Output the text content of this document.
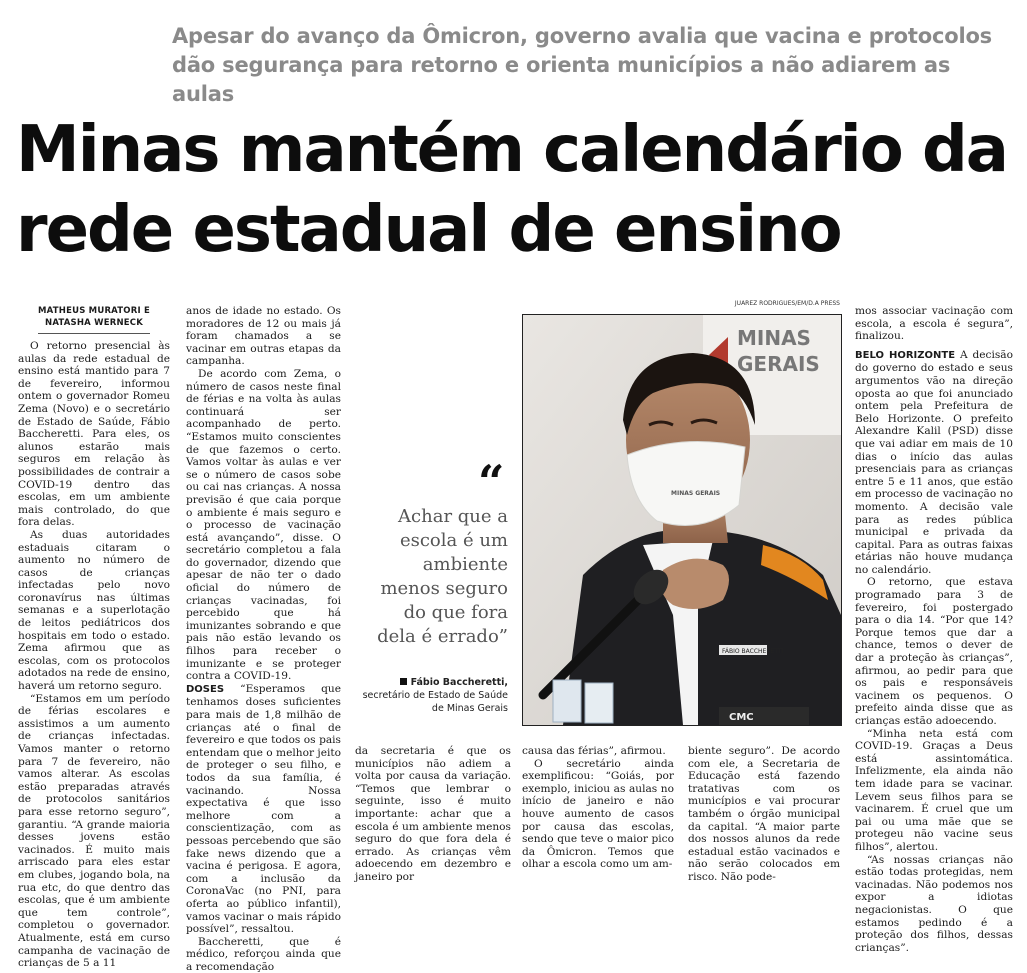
Apesar do avanço da Ômicron, governo avalia que vacina e protocolos dão segurança para retorno e orienta municípios a não adiarem as aulas
Minas mantém calendário da rede estadual de ensino
MATHEUS MURATORI E
NATASHA WERNECK

O retorno presencial às aulas da rede estadual de ensino está mantido para 7 de fevereiro, informou ontem o governador Romeu Zema (Novo) e o secretário de Estado de Saúde, Fábio Baccheretti. Para eles, os alunos estarão mais seguros em relação às possibilidades de contrair a COVID-19 dentro das escolas, em um ambiente mais controlado, do que fora delas.

As duas autoridades estaduais citaram o aumento no número de casos de crianças infectadas pelo novo coronavírus nas últimas semanas e a superlotação de leitos pediátricos dos hospitais em todo o estado. Zema afirmou que as escolas, com os protocolos adotados na rede de ensino, haverá um retorno seguro.

“Estamos em um período de férias escolares e assistimos a um aumento de crianças infectadas. Vamos manter o retorno para 7 de fevereiro, não vamos alterar. As escolas estão preparadas através de protocolos sanitários para esse retorno seguro”, garantiu. “A grande maioria desses jovens estão vacinados. É muito mais arriscado para eles estar em clubes, jogando bola, na rua etc, do que dentro das escolas, que é um ambiente que tem controle”, completou o governador. Atualmente, está em curso campanha de vacinação de crianças de 5 a 11

anos de idade no estado. Os moradores de 12 ou mais já foram chamados a se vacinar em outras etapas da campanha.

De acordo com Zema, o número de casos neste final de férias e na volta às aulas continuará ser acompanhado de perto. “Estamos muito conscientes de que fazemos o certo. Vamos voltar às aulas e ver se o número de casos sobe ou cai nas crianças. A nossa previsão é que caia porque o ambiente é mais seguro e o processo de vacinação está avançando”, disse. O secretário completou a fala do governador, dizendo que apesar de não ter o dado oficial do número de crianças vacinadas, foi percebido que há imunizantes sobrando e que pais não estão levando os filhos para receber o imunizante e se proteger contra a COVID-19.

DOSES “Esperamos que tenhamos doses suficientes para mais de 1,8 milhão de crianças até o final de fevereiro e que todos os pais entendam que o melhor jeito de proteger o seu filho, e todos da sua família, é vacinando. Nossa expectativa é que isso melhore com a conscientização, com as pessoas percebendo que são fake news dizendo que a vacina é perigosa. E agora, com a inclusão da CoronaVac (no PNI, para oferta ao público infantil), vamos vacinar o mais rápido possível”, ressaltou.

Baccheretti, que é médico, reforçou ainda que a recomendação

“
Achar que a escola é um ambiente menos seguro do que fora dela é errado”
Fábio Baccheretti,
secretário de Estado de Saúde de Minas Gerais
JUAREZ RODRIGUES/EM/D.A PRESS
MINAS
GERAIS
FÁBIO BACCHERETTI
MINAS GERAIS
CMC

da secretaria é que os municípios não adiem a volta por causa da variação. “Temos que lembrar o seguinte, isso é muito importante: achar que a escola é um ambiente menos seguro do que fora dela é errado. As crianças vêm adoecendo em dezembro e janeiro por

causa das férias”, afirmou.

O secretário ainda exemplificou: “Goiás, por exemplo, iniciou as aulas no início de janeiro e não houve aumento de casos por causa das escolas, sendo que teve o maior pico da Ômicron. Temos que olhar a escola como um am-

biente seguro”. De acordo com ele, a Secretaria de Educação está fazendo tratativas com os municípios e vai procurar também o órgão municipal da capital. “A maior parte dos nossos alunos da rede estadual estão vacinados e não serão colocados em risco. Não pode-

mos associar vacinação com escola, a escola é segura”, finalizou.

BELO HORIZONTE A decisão do governo do estado e seus argumentos vão na direção oposta ao que foi anunciado ontem pela Prefeitura de Belo Horizonte. O prefeito Alexandre Kalil (PSD) disse que vai adiar em mais de 10 dias o início das aulas presenciais para as crianças entre 5 e 11 anos, que estão em processo de vacinação no momento. A decisão vale para as redes pública municipal e privada da capital. Para as outras faixas etárias não houve mudança no calendário.

O retorno, que estava programado para 3 de fevereiro, foi postergado para o dia 14. “Por que 14? Porque temos que dar a chance, temos o dever de dar a proteção às crianças”, afirmou, ao pedir para que os pais e responsáveis vacinem os pequenos. O prefeito ainda disse que as crianças estão adoecendo.

“Minha neta está com COVID-19. Graças a Deus está assintomática. Infelizmente, ela ainda não tem idade para se vacinar. Levem seus filhos para se vacinarem. É cruel que um pai ou uma mãe que se protegeu não vacine seus filhos”, alertou.

“As nossas crianças não estão todas protegidas, nem vacinadas. Não podemos nos expor a idiotas negacionistas. O que estamos pedindo é a proteção dos filhos, dessas crianças”.
